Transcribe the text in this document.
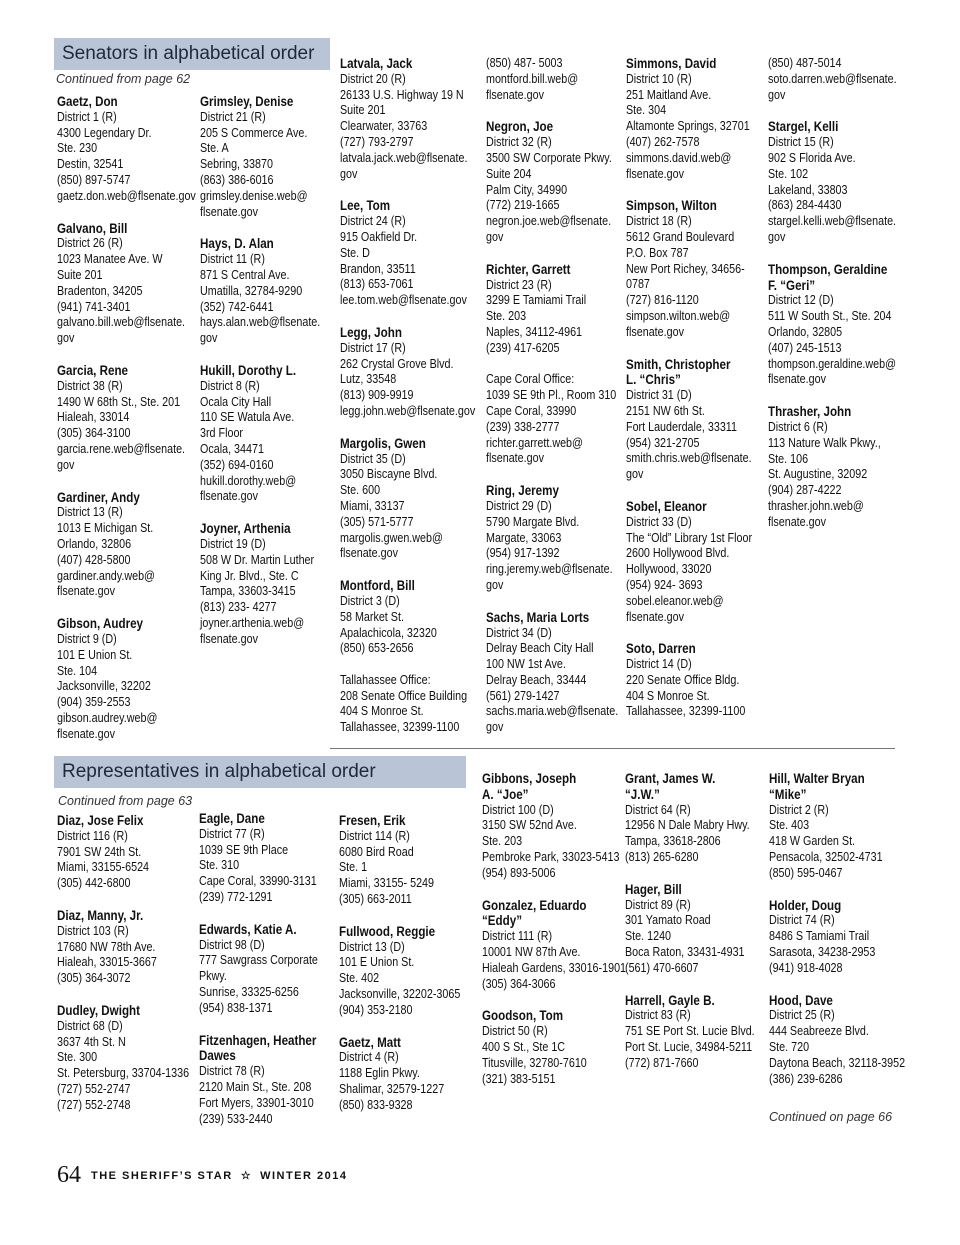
Senators in alphabetical order
Continued from page 62
Gaetz, Don
District 1 (R)
4300 Legendary Dr.
Ste. 230
Destin, 32541
(850) 897-5747
gaetz.don.web@flsenate.gov
Galvano, Bill
District 26 (R)
1023 Manatee Ave. W
Suite 201
Bradenton, 34205
(941) 741-3401
galvano.bill.web@flsenate.
gov
Garcia, Rene
District 38 (R)
1490 W 68th St., Ste. 201
Hialeah, 33014
(305) 364-3100
garcia.rene.web@flsenate.
gov
Gardiner, Andy
District 13 (R)
1013 E Michigan St.
Orlando, 32806
(407) 428-5800
gardiner.andy.web@
flsenate.gov
Gibson, Audrey
District 9 (D)
101 E Union St.
Ste. 104
Jacksonville, 32202
(904) 359-2553
gibson.audrey.web@
flsenate.gov
Grimsley, Denise
District 21 (R)
205 S Commerce Ave.
Ste. A
Sebring, 33870
(863) 386-6016
grimsley.denise.web@
flsenate.gov
Hays, D. Alan
District 11 (R)
871 S Central Ave.
Umatilla, 32784-9290
(352) 742-6441
hays.alan.web@flsenate.
gov
Hukill, Dorothy L.
District 8 (R)
Ocala City Hall
110 SE Watula Ave.
3rd Floor
Ocala, 34471
(352) 694-0160
hukill.dorothy.web@
flsenate.gov
Joyner, Arthenia
District 19 (D)
508 W Dr. Martin Luther
King Jr. Blvd., Ste. C
Tampa, 33603-3415
(813) 233- 4277
joyner.arthenia.web@
flsenate.gov
Latvala, Jack
District 20 (R)
26133 U.S. Highway 19 N
Suite 201
Clearwater, 33763
(727) 793-2797
latvala.jack.web@flsenate.
gov
Lee, Tom
District 24 (R)
915 Oakfield Dr.
Ste. D
Brandon, 33511
(813) 653-7061
lee.tom.web@flsenate.gov
Legg, John
District 17 (R)
262 Crystal Grove Blvd.
Lutz, 33548
(813) 909-9919
legg.john.web@flsenate.gov
Margolis, Gwen
District 35 (D)
3050 Biscayne Blvd.
Ste. 600
Miami, 33137
(305) 571-5777
margolis.gwen.web@
flsenate.gov
Montford, Bill
District 3 (D)
58 Market St.
Apalachicola, 32320
(850) 653-2656

Tallahassee Office:
208 Senate Office Building
404 S Monroe St.
Tallahassee, 32399-1100
(850) 487- 5003
montford.bill.web@
flsenate.gov
Negron, Joe
District 32 (R)
3500 SW Corporate Pkwy.
Suite 204
Palm City, 34990
(772) 219-1665
negron.joe.web@flsenate.
gov
Richter, Garrett
District 23 (R)
3299 E Tamiami Trail
Ste. 203
Naples, 34112-4961
(239) 417-6205

Cape Coral Office:
1039 SE 9th Pl., Room 310
Cape Coral, 33990
(239) 338-2777
richter.garrett.web@
flsenate.gov
Ring, Jeremy
District 29 (D)
5790 Margate Blvd.
Margate, 33063
(954) 917-1392
ring.jeremy.web@flsenate.
gov
Sachs, Maria Lorts
District 34 (D)
Delray Beach City Hall
100 NW 1st Ave.
Delray Beach, 33444
(561) 279-1427
sachs.maria.web@flsenate.
gov
Simmons, David
District 10 (R)
251 Maitland Ave.
Ste. 304
Altamonte Springs, 32701
(407) 262-7578
simmons.david.web@
flsenate.gov
Simpson, Wilton
District 18 (R)
5612 Grand Boulevard
P.O. Box 787
New Port Richey, 34656-
0787
(727) 816-1120
simpson.wilton.web@
flsenate.gov
Smith, Christopher
L. “Chris”
District 31 (D)
2151 NW 6th St.
Fort Lauderdale, 33311
(954) 321-2705
smith.chris.web@flsenate.
gov
Sobel, Eleanor
District 33 (D)
The “Old” Library 1st Floor
2600 Hollywood Blvd.
Hollywood, 33020
(954) 924- 3693
sobel.eleanor.web@
flsenate.gov
Soto, Darren
District 14 (D)
220 Senate Office Bldg.
404 S Monroe St.
Tallahassee, 32399-1100
(850) 487-5014
soto.darren.web@flsenate.
gov
Stargel, Kelli
District 15 (R)
902 S Florida Ave.
Ste. 102
Lakeland, 33803
(863) 284-4430
stargel.kelli.web@flsenate.
gov
Thompson, Geraldine
F. “Geri”
District 12 (D)
511 W South St., Ste. 204
Orlando, 32805
(407) 245-1513
thompson.geraldine.web@
flsenate.gov
Thrasher, John
District 6 (R)
113 Nature Walk Pkwy.,
Ste. 106
St. Augustine, 32092
(904) 287-4222
thrasher.john.web@
flsenate.gov
Representatives in alphabetical order
Continued from page 63
Diaz, Jose Felix
District 116 (R)
7901 SW 24th St.
Miami, 33155-6524
(305) 442-6800
Diaz, Manny, Jr.
District 103 (R)
17680 NW 78th Ave.
Hialeah, 33015-3667
(305) 364-3072
Dudley, Dwight
District 68 (D)
3637 4th St. N
Ste. 300
St. Petersburg, 33704-1336
(727) 552-2747
(727) 552-2748
Eagle, Dane
District 77 (R)
1039 SE 9th Place
Ste. 310
Cape Coral, 33990-3131
(239) 772-1291
Edwards, Katie A.
District 98 (D)
777 Sawgrass Corporate
Pkwy.
Sunrise, 33325-6256
(954) 838-1371
Fitzenhagen, Heather
Dawes
District 78 (R)
2120 Main St., Ste. 208
Fort Myers, 33901-3010
(239) 533-2440
Fresen, Erik
District 114 (R)
6080 Bird Road
Ste. 1
Miami, 33155- 5249
(305) 663-2011
Fullwood, Reggie
District 13 (D)
101 E Union St.
Ste. 402
Jacksonville, 32202-3065
(904) 353-2180
Gaetz, Matt
District 4 (R)
1188 Eglin Pkwy.
Shalimar, 32579-1227
(850) 833-9328
Gibbons, Joseph
A. “Joe”
District 100 (D)
3150 SW 52nd Ave.
Ste. 203
Pembroke Park, 33023-5413
(954) 893-5006
Gonzalez, Eduardo
“Eddy”
District 111 (R)
10001 NW 87th Ave.
Hialeah Gardens, 33016-1901
(305) 364-3066
Goodson, Tom
District 50 (R)
400 S St., Ste 1C
Titusville, 32780-7610
(321) 383-5151
Grant, James W.
“J.W.”
District 64 (R)
12956 N Dale Mabry Hwy.
Tampa, 33618-2806
(813) 265-6280
Hager, Bill
District 89 (R)
301 Yamato Road
Ste. 1240
Boca Raton, 33431-4931
(561) 470-6607
Harrell, Gayle B.
District 83 (R)
751 SE Port St. Lucie Blvd.
Port St. Lucie, 34984-5211
(772) 871-7660
Hill, Walter Bryan
“Mike”
District 2 (R)
Ste. 403
418 W Garden St.
Pensacola, 32502-4731
(850) 595-0467
Holder, Doug
District 74 (R)
8486 S Tamiami Trail
Sarasota, 34238-2953
(941) 918-4028
Hood, Dave
District 25 (R)
444 Seabreeze Blvd.
Ste. 720
Daytona Beach, 32118-3952
(386) 239-6286
Continued on page 66
64 THE SHERIFF’S STAR ☆ WINTER 2014
